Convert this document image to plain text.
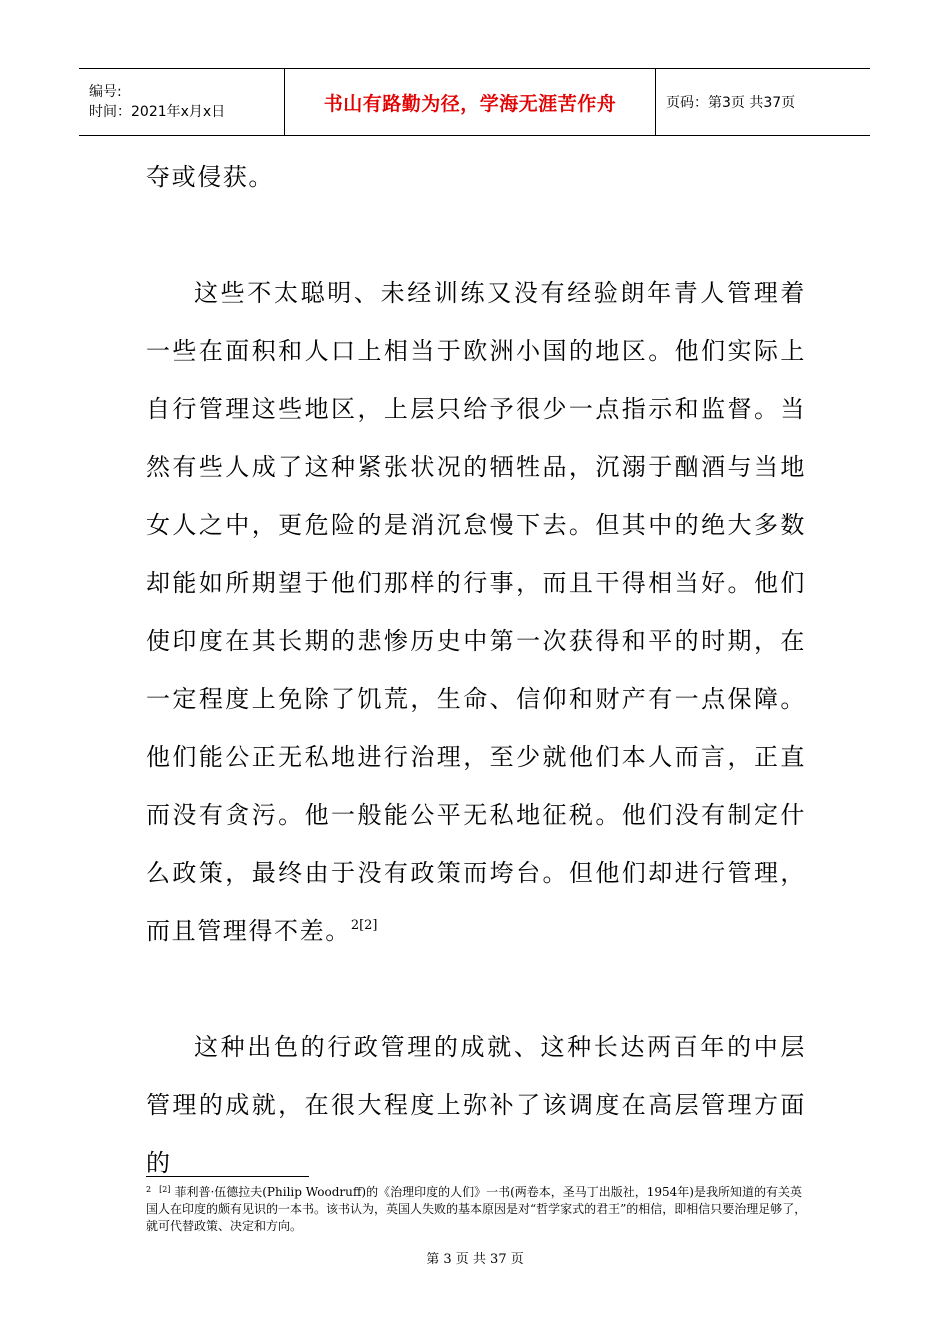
编号:
时间：2021年x月x日	书山有路勤为径，学海无涯苦作舟	页码：第3页 共37页

夺或侵获。

这些不太聪明、未经训练又没有经验朗年青人管理着一些在面积和人口上相当于欧洲小国的地区。他们实际上自行管理这些地区，上层只给予很少一点指示和监督。当然有些人成了这种紧张状况的牺牲品，沉溺于酗酒与当地女人之中，更危险的是消沉怠慢下去。但其中的绝大多数却能如所期望于他们那样的行事，而且干得相当好。他们使印度在其长期的悲惨历史中第一次获得和平的时期，在一定程度上免除了饥荒，生命、信仰和财产有一点保障。他们能公正无私地进行治理，至少就他们本人而言，正直而没有贪污。他一般能公平无私地征税。他们没有制定什么政策，最终由于没有政策而垮台。但他们却进行管理，而且管理得不差。$^{2[2]}$

这种出色的行政管理的成就、这种长达两百年的中层管理的成就，在很大程度上弥补了该调度在高层管理方面的

$^2$ [2] 菲利普·伍德拉夫(Philip Woodruff)的《治理印度的人们》一书(两卷本，圣马丁出版社，1954年)是我所知道的有关英国人在印度的颇有见识的一本书。该书认为，英国人失败的基本原因是对“哲学家式的君王”的相信，即相信只要治理足够了，就可代替政策、决定和方向。
第 3 页 共 37 页
